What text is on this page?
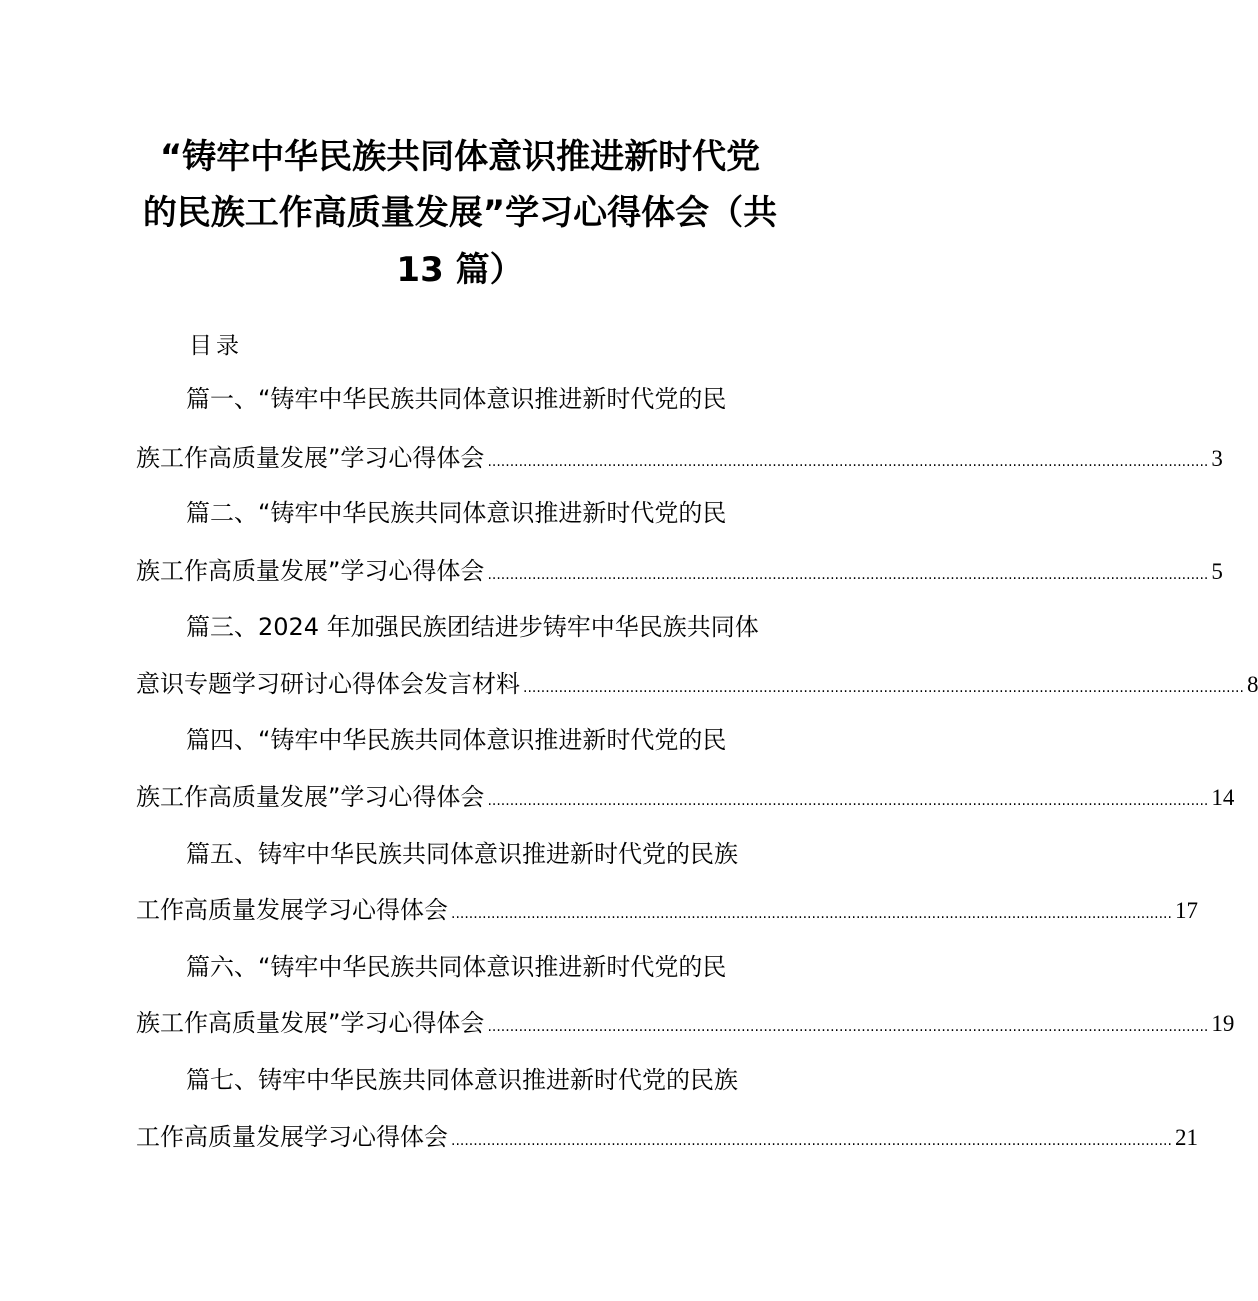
“铸牢中华民族共同体意识推进新时代党
的民族工作高质量发展”学习心得体会（共
13 篇）
目录
篇一、“铸牢中华民族共同体意识推进新时代党的民
族工作高质量发展”学习心得体会 .................................................................................................................................................................. 3
篇二、“铸牢中华民族共同体意识推进新时代党的民
族工作高质量发展”学习心得体会 .................................................................................................................................................................. 5
篇三、2024 年加强民族团结进步铸牢中华民族共同体
意识专题学习研讨心得体会发言材料 .................................................................................................................................................................. 8
篇四、“铸牢中华民族共同体意识推进新时代党的民
族工作高质量发展”学习心得体会 .................................................................................................................................................................. 14
篇五、铸牢中华民族共同体意识推进新时代党的民族
工作高质量发展学习心得体会 .................................................................................................................................................................. 17
篇六、“铸牢中华民族共同体意识推进新时代党的民
族工作高质量发展”学习心得体会 .................................................................................................................................................................. 19
篇七、铸牢中华民族共同体意识推进新时代党的民族
工作高质量发展学习心得体会 .................................................................................................................................................................. 21
